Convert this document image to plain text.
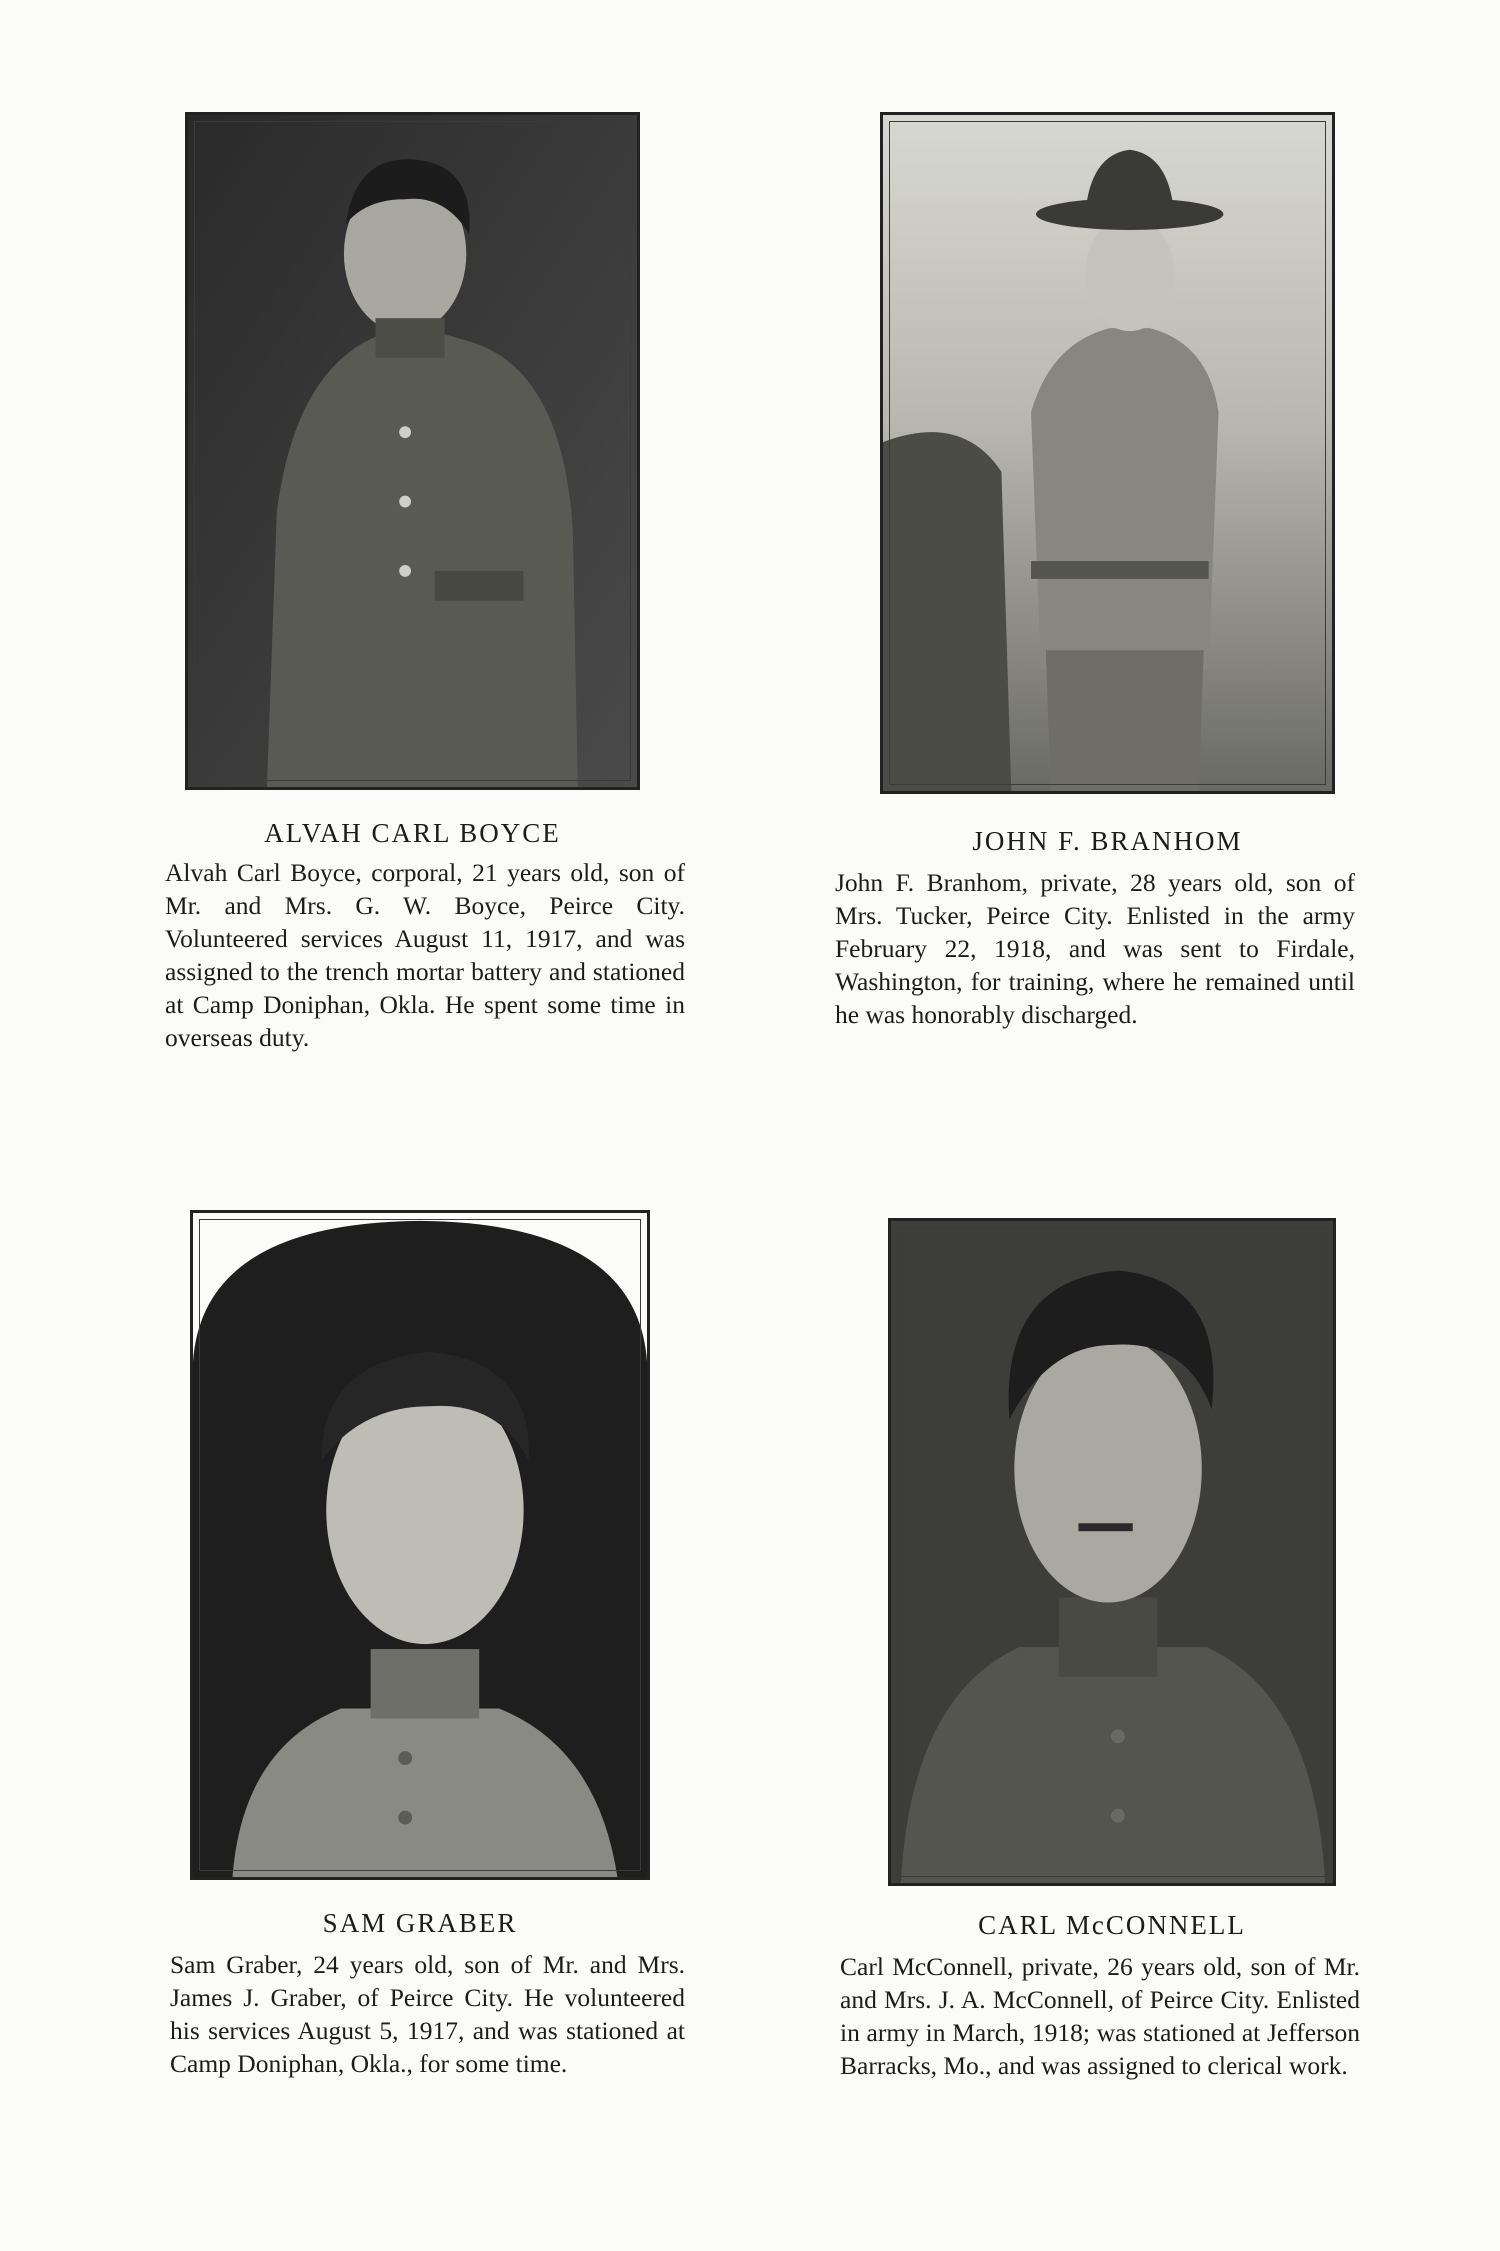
ALVAH CARL BOYCE
Alvah Carl Boyce, corporal, 21 years old, son of Mr. and Mrs. G. W. Boyce, Peirce City. Volunteered services August 11, 1917, and was assigned to the trench mortar battery and stationed at Camp Doniphan, Okla. He spent some time in overseas duty.
JOHN F. BRANHOM
John F. Branhom, private, 28 years old, son of Mrs. Tucker, Peirce City. Enlisted in the army February 22, 1918, and was sent to Firdale, Washington, for training, where he remained until he was honorably discharged.
SAM GRABER
Sam Graber, 24 years old, son of Mr. and Mrs. James J. Graber, of Peirce City. He volunteered his services August 5, 1917, and was stationed at Camp Doniphan, Okla., for some time.
CARL McCONNELL
Carl McConnell, private, 26 years old, son of Mr. and Mrs. J. A. McConnell, of Peirce City. Enlisted in army in March, 1918; was stationed at Jefferson Barracks, Mo., and was assigned to clerical work.
